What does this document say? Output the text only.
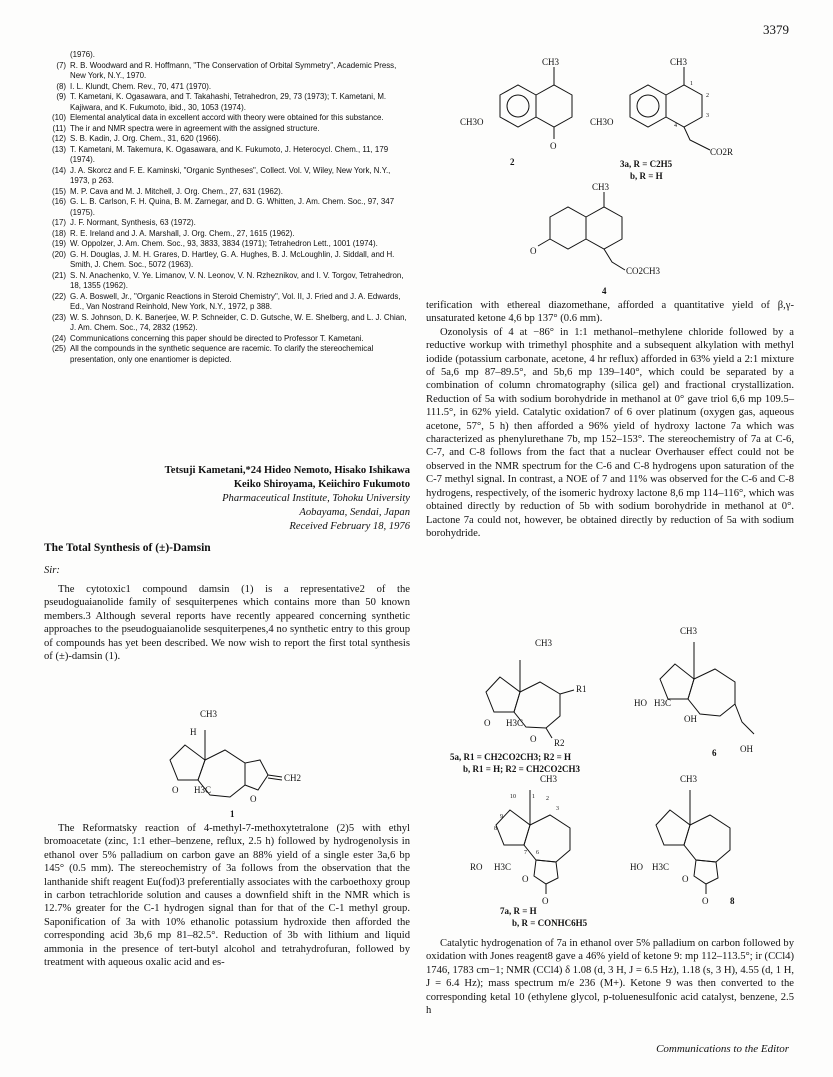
3379
(1976).
(7) R. B. Woodward and R. Hoffmann, "The Conservation of Orbital Symmetry", Academic Press, New York, N.Y., 1970.
(8) I. L. Klundt, Chem. Rev., 70, 471 (1970).
(9) T. Kametani, K. Ogasawara, and T. Takahashi, Tetrahedron, 29, 73 (1973); T. Kametani, M. Kajiwara, and K. Fukumoto, ibid., 30, 1053 (1974).
(10) Elemental analytical data in excellent accord with theory were obtained for this substance.
(11) The ir and NMR spectra were in agreement with the assigned structure.
(12) S. B. Kadin, J. Org. Chem., 31, 620 (1966).
(13) T. Kametani, M. Takemura, K. Ogasawara, and K. Fukumoto, J. Heterocycl. Chem., 11, 179 (1974).
(14) J. A. Skorcz and F. E. Kaminski, "Organic Syntheses", Collect. Vol. V, Wiley, New York, N.Y., 1973, p 263.
(15) M. P. Cava and M. J. Mitchell, J. Org. Chem., 27, 631 (1962).
(16) G. L. B. Carlson, F. H. Quina, B. M. Zarnegar, and D. G. Whitten, J. Am. Chem. Soc., 97, 347 (1975).
(17) J. F. Normant, Synthesis, 63 (1972).
(18) R. E. Ireland and J. A. Marshall, J. Org. Chem., 27, 1615 (1962).
(19) W. Oppolzer, J. Am. Chem. Soc., 93, 3833, 3834 (1971); Tetrahedron Lett., 1001 (1974).
(20) G. H. Douglas, J. M. H. Grares, D. Hartley, G. A. Hughes, B. J. McLoughlin, J. Siddall, and H. Smith, J. Chem. Soc., 5072 (1963).
(21) S. N. Anachenko, V. Ye. Limanov, V. N. Leonov, V. N. Rzheznikov, and I. V. Torgov, Tetrahedron, 18, 1355 (1962).
(22) G. A. Boswell, Jr., "Organic Reactions in Steroid Chemistry", Vol. II, J. Fried and J. A. Edwards, Ed., Van Nostrand Reinhold, New York, N.Y., 1972, p 388.
(23) W. S. Johnson, D. K. Banerjee, W. P. Schneider, C. D. Gutsche, W. E. Shelberg, and L. J. Chian, J. Am. Chem. Soc., 74, 2832 (1952).
(24) Communications concerning this paper should be directed to Professor T. Kametani.
(25) All the compounds in the synthetic sequence are racemic. To clarify the stereochemical presentation, only one enantiomer is depicted.
Tetsuji Kametani,*24 Hideo Nemoto, Hisako Ishikawa
Keiko Shiroyama, Keiichiro Fukumoto
Pharmaceutical Institute, Tohoku University
Aobayama, Sendai, Japan
Received February 18, 1976
The Total Synthesis of (±)-Damsin
Sir:

The cytotoxic1 compound damsin (1) is a representative2 of the pseudoguaianolide family of sesquiterpenes which contains more than 50 known members.3 Although several reports have recently appeared concerning synthetic approaches to the pseudoguaianolide sesquiterpenes,4 no synthetic entry to this group of compounds has yet been described. We now wish to report the first total synthesis of (±)-damsin (1).

CH3
H
O H3C
O
CH2
1

The Reformatsky reaction of 4-methyl-7-methoxytetralone (2)5 with ethyl bromoacetate (zinc, 1:1 ether–benzene, reflux, 2.5 h) followed by hydrogenolysis in ethanol over 5% palladium on carbon gave an 88% yield of a single ester 3a,6 bp 145° (0.5 mm). The stereochemistry of 3a follows from the observation that the lanthanide shift reagent Eu(fod)3 preferentially associates with the carboethoxy group in carbon tetrachloride solution and causes a downfield shift in the NMR which is 12.7% greater for the C-1 hydrogen signal than for that of the C-1 methyl group. Saponification of 3a with 10% ethanolic potassium hydroxide then afforded the corresponding acid 3b,6 mp 81–82.5°. Reduction of 3b with lithium and liquid ammonia in the presence of tert-butyl alcohol and tetrahydrofuran, followed by treatment with aqueous oxalic acid and es-

CH3
CH3O
O
2
CH3
CH3O
1
2
3
4
CO2R
3a, R = C2H5
b, R = H
CH3
O
CO2CH3
4

terification with ethereal diazomethane, afforded a quantitative yield of β,γ-unsaturated ketone 4,6 bp 137° (0.6 mm).

Ozonolysis of 4 at −86° in 1:1 methanol–methylene chloride followed by a reductive workup with trimethyl phosphite and a subsequent alkylation with methyl iodide (potassium carbonate, acetone, 4 hr reflux) afforded in 63% yield a 2:1 mixture of 5a,6 mp 87–89.5°, and 5b,6 mp 139–140°, which could be separated by a combination of column chromatography (silica gel) and fractional crystallization. Reduction of 5a with sodium borohydride in methanol at 0° gave triol 6,6 mp 109.5–111.5°, in 62% yield. Catalytic oxidation7 of 6 over platinum (oxygen gas, aqueous acetone, 57°, 5 h) then afforded a 96% yield of hydroxy lactone 7a which was characterized as phenylurethane 7b, mp 152–153°. The stereochemistry of 7a at C-6, C-7, and C-8 follows from the fact that a nuclear Overhauser effect could not be observed in the NMR spectrum for the C-6 and C-8 hydrogens upon saturation of the C-7 methyl signal. In contrast, a NOE of 7 and 11% was observed for the C-6 and C-8 hydrogens, respectively, of the isomeric hydroxy lactone 8,6 mp 114–116°, which was obtained directly by reduction of 5b with sodium borohydride in methanol at 0°. Lactone 7a could not, however, be obtained directly by reduction of 5a with sodium borohydride.

CH3
R1
R2
O H3C
O
5a, R1 = CH2CO2CH3; R2 = H
b, R1 = H; R2 = CH2CO2CH3
CH3
HO H3C
OH
OH
6
CH3
10	1 2
3
9
8
7 6
RO H3C
O
O
7a, R = H
b, R = CONHC6H5
CH3
HO H3C
O
O 8

Catalytic hydrogenation of 7a in ethanol over 5% palladium on carbon followed by oxidation with Jones reagent8 gave a 46% yield of ketone 9: mp 112–113.5°; ir (CCl4) 1746, 1783 cm−1; NMR (CCl4) δ 1.08 (d, 3 H, J = 6.5 Hz), 1.18 (s, 3 H), 4.55 (d, 1 H, J = 6.4 Hz); mass spectrum m/e 236 (M+). Ketone 9 was then converted to the corresponding ketal 10 (ethylene glycol, p-toluenesulfonic acid catalyst, benzene, 2.5 h

Communications to the Editor
